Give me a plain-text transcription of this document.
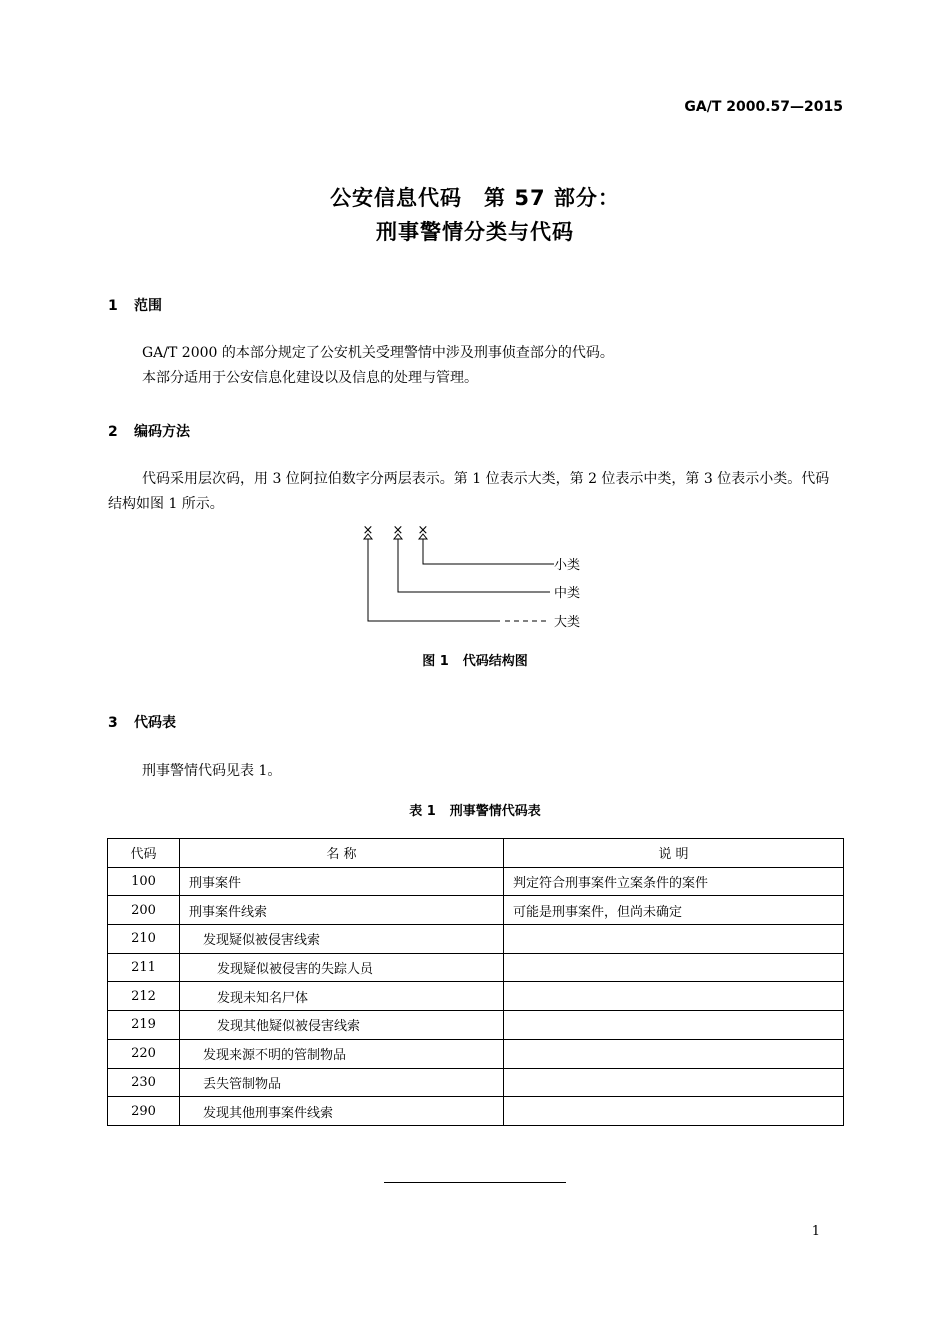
GA/T 2000.57—2015
公安信息代码　第 57 部分：
刑事警情分类与代码
1 范围

GA/T 2000 的本部分规定了公安机关受理警情中涉及刑事侦查部分的代码。

本部分适用于公安信息化建设以及信息的处理与管理。

2 编码方法

代码采用层次码，用 3 位阿拉伯数字分两层表示。第 1 位表示大类，第 2 位表示中类，第 3 位表示小类。代码结构如图 1 所示。

× × ×
小类
中类
大类
图 1 代码结构图
3 代码表

刑事警情代码见表 1。

表 1 刑事警情代码表
代码	名 称	说 明
100	刑事案件	判定符合刑事案件立案条件的案件
200	刑事案件线索	可能是刑事案件，但尚未确定
210	发现疑似被侵害线索	
211	发现疑似被侵害的失踪人员	
212	发现未知名尸体	
219	发现其他疑似被侵害线索	
220	发现来源不明的管制物品	
230	丢失管制物品	
290	发现其他刑事案件线索	
1
